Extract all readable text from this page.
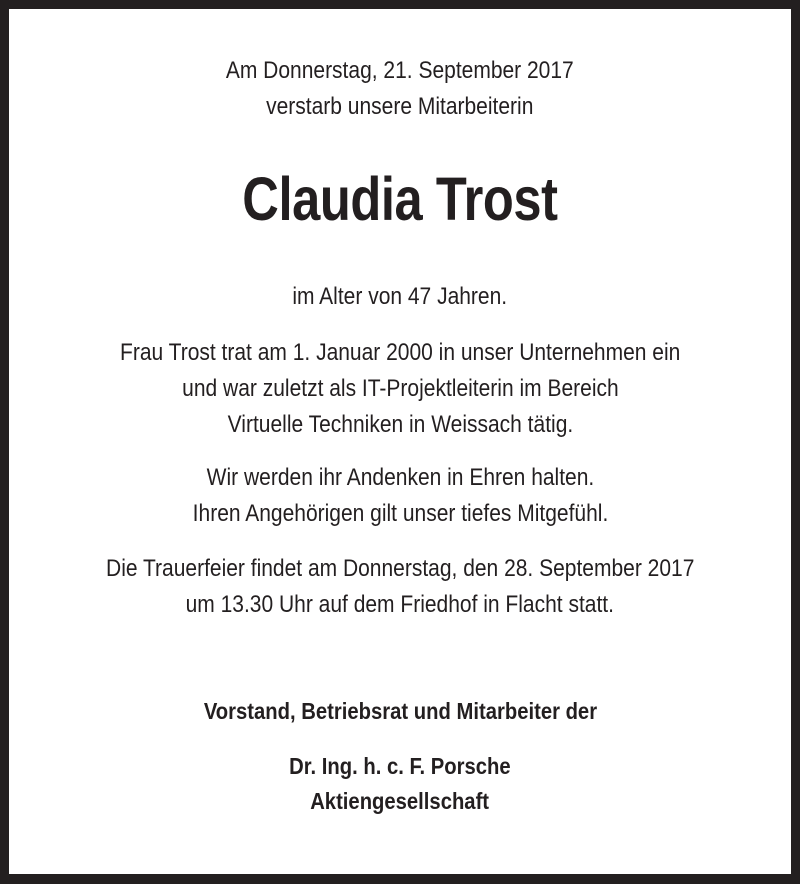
Am Donnerstag, 21. September 2017
verstarb unsere Mitarbeiterin
Claudia Trost
im Alter von 47 Jahren.
Frau Trost trat am 1. Januar 2000 in unser Unternehmen ein
und war zuletzt als IT-Projektleiterin im Bereich
Virtuelle Techniken in Weissach tätig.
Wir werden ihr Andenken in Ehren halten.
Ihren Angehörigen gilt unser tiefes Mitgefühl.
Die Trauerfeier findet am Donnerstag, den 28. September 2017
um 13.30 Uhr auf dem Friedhof in Flacht statt.
Vorstand, Betriebsrat und Mitarbeiter der
Dr. Ing. h. c. F. Porsche
Aktiengesellschaft
